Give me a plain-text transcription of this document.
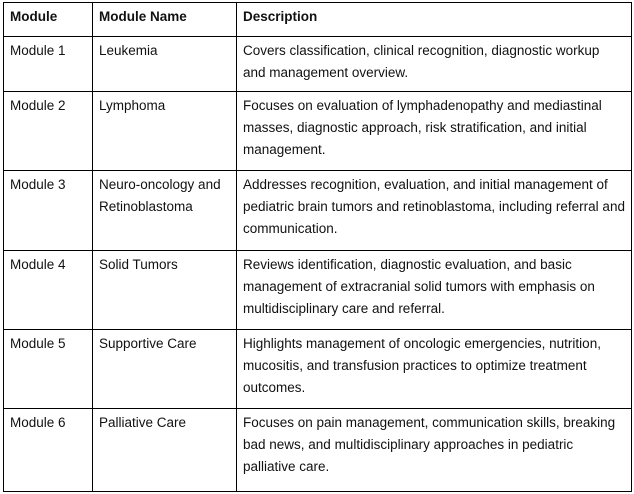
Module	Module Name	Description
Module 1	Leukemia	Covers classification, clinical recognition, diagnostic workup and management overview.
Module 2	Lymphoma	Focuses on evaluation of lymphadenopathy and mediastinal masses, diagnostic approach, risk stratification, and initial management.
Module 3	Neuro-oncology and Retinoblastoma	Addresses recognition, evaluation, and initial management of pediatric brain tumors and retinoblastoma, including referral and communication.
Module 4	Solid Tumors	Reviews identification, diagnostic evaluation, and basic management of extracranial solid tumors with emphasis on multidisciplinary care and referral.
Module 5	Supportive Care	Highlights management of oncologic emergencies, nutrition, mucositis, and transfusion practices to optimize treatment outcomes.
Module 6	Palliative Care	Focuses on pain management, communication skills, breaking bad news, and multidisciplinary approaches in pediatric palliative care.
